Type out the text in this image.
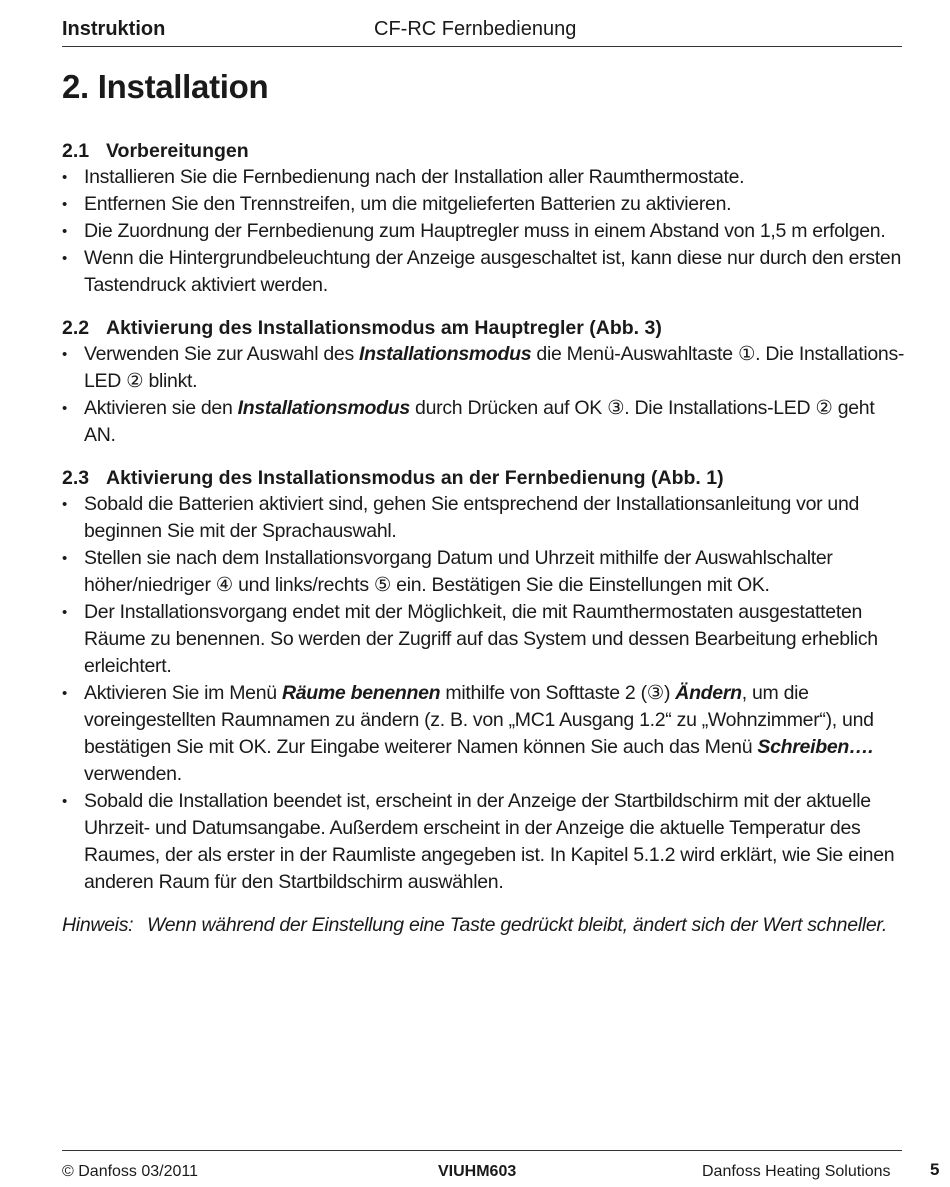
Instruktion	CF-RC Fernbedienung
2. Installation
2.1 Vorbereitungen
• Installieren Sie die Fernbedienung nach der Installation aller Raumthermostate.
• Entfernen Sie den Trennstreifen, um die mitgelieferten Batterien zu aktivieren.
• Die Zuordnung der Fernbedienung zum Hauptregler muss in einem Abstand von 1,5 m erfolgen.
• Wenn die Hintergrundbeleuchtung der Anzeige ausgeschaltet ist, kann diese nur durch den ersten Tastendruck aktiviert werden.
2.2 Aktivierung des Installationsmodus am Hauptregler (Abb. 3)
• Verwenden Sie zur Auswahl des Installationsmodus die Menü-Auswahltaste ①. Die Installations-LED ② blinkt.
• Aktivieren sie den Installationsmodus durch Drücken auf OK ③. Die Installations-LED ② geht AN.
2.3 Aktivierung des Installationsmodus an der Fernbedienung (Abb. 1)
• Sobald die Batterien aktiviert sind, gehen Sie entsprechend der Installationsanleitung vor und beginnen Sie mit der Sprachauswahl.
• Stellen sie nach dem Installationsvorgang Datum und Uhrzeit mithilfe der Auswahlschalter höher/niedriger ④ und links/rechts ⑤ ein. Bestätigen Sie die Einstellungen mit OK.
• Der Installationsvorgang endet mit der Möglichkeit, die mit Raumthermostaten ausgestatteten Räume zu benennen. So werden der Zugriff auf das System und dessen Bearbeitung erheblich erleichtert.
• Aktivieren Sie im Menü Räume benennen mithilfe von Softtaste 2 (③) Ändern, um die voreingestellten Raumnamen zu ändern (z. B. von „MC1 Ausgang 1.2“ zu „Wohnzimmer“), und bestätigen Sie mit OK. Zur Eingabe weiterer Namen können Sie auch das Menü Schreiben…. verwenden.
• Sobald die Installation beendet ist, erscheint in der Anzeige der Startbildschirm mit der aktuelle Uhrzeit- und Datumsangabe. Außerdem erscheint in der Anzeige die aktuelle Temperatur des Raumes, der als erster in der Raumliste angegeben ist. In Kapitel 5.1.2 wird erklärt, wie Sie einen anderen Raum für den Startbildschirm auswählen.
Hinweis: Wenn während der Einstellung eine Taste gedrückt bleibt, ändert sich der Wert schneller.
© Danfoss 03/2011	VIUHM603	Danfoss Heating Solutions 5
